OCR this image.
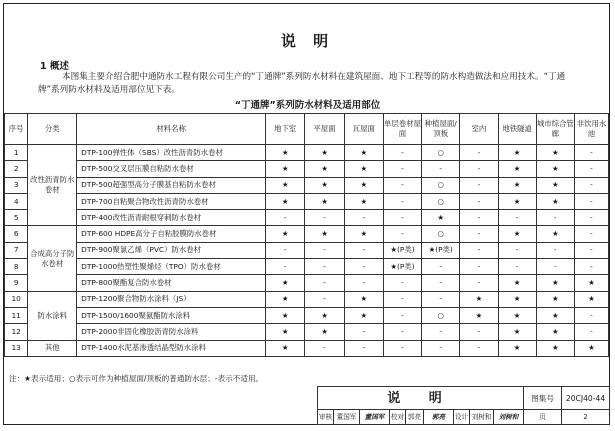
说 明
1 概述
本图集主要介绍合肥中通防水工程有限公司生产的“丁通牌”系列防水材料在建筑屋面、地下工程等的防水构造做法和应用技术。“丁通牌”系列防水材料及适用部位见下表。
“丁通牌”系列防水材料及适用部位
序号	分类	材料名称	地下室	平屋面	瓦屋面	单层卷材屋面	种植屋面/顶板	室内	地铁隧道	城市综合管廊	非饮用水池
1	改性沥青防水卷材	DTP-100弹性体（SBS）改性沥青防水卷材	★	★	★	-	○	-	★	★	-
2		DTP-500交叉层压膜自粘防水卷材	★	★	★	-	-	-	★	★	-
3		DTP-500超强型高分子膜基自粘防水卷材	★	★	★	-	○	-	★	★	-
4		DTP-700自粘聚合物改性沥青防水卷材	★	★	★	-	○	-	★	★	-
5		DTP-400改性沥青耐根穿刺防水卷材	-	-	-	-	★	-	-	-	-
6	合成高分子防水卷材	DTP-600 HDPE高分子自粘胶膜防水卷材	★	★	★	-	○	-	★	★	-
7		DTP-900聚氯乙烯（PVC）防水卷材	-	-	-	★(P类)	★(P类)	-	-	-	-
8		DTP-1000热塑性聚烯烃（TPO）防水卷材	-	-	-	★(P类)	-	-	-	-	-
9		DTP-800聚酯复合防水卷材	★	-	-	-	-	-	★	★	★
10	防水涂料	DTP-1200聚合物防水涂料（JS）	★	-	★	-	-	★	★	★	★
11		DTP-1500/1600聚氨酯防水涂料	★	★	★	-	○	★	★	★	-
12		DTP-2000非固化橡胶沥青防水涂料	★	★	-	-	-	-	★	★	-
13	其他	DTP-1400水泥基渗透结晶型防水涂料	★	-	-	-	-	-	★	★	★
注：★表示适用；○表示可作为种植屋面/顶板的普通防水层；-表示不适用。
说 明									图集号	20CJ40-44
审核	董国军	董国军	校对	郭亮	郭亮	设计	刘树和	刘树和	页	2
